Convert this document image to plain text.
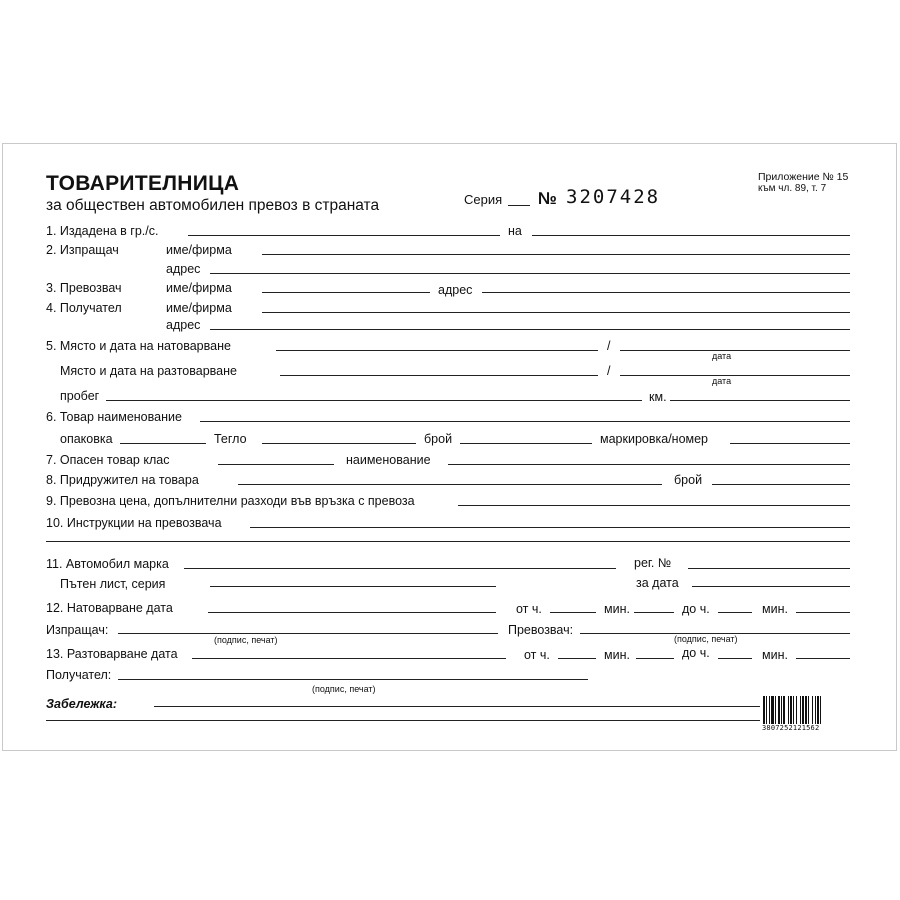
ТОВАРИТЕЛНИЦА
за обществен автомобилен превоз в страната	Серия № 3207428
Приложение № 15
към чл. 89, т. 7
1. Издадена в гр./с.	на
2. Изпращач	име/фирма
адрес
3. Превозвач	име/фирма	адрес
4. Получател	име/фирма
адрес
5. Място и дата на натоварване	/
дата
Място и дата на разтоварване	/
дата
пробег	км.
6. Товар наименование
опаковка	Тегло	брой	маркировка/номер
7. Опасен товар клас	наименование
8. Придружител на товара	брой
9. Превозна цена, допълнителни разходи във връзка с превоза
10. Инструкции на превозвача
11. Автомобил марка	рег. №
Пътен лист, серия	за дата
12. Натоварване дата	от ч.	мин.	до ч.	мин.
Изпращач:
(подпис, печат)
Превозвач:
(подпис, печат)
13. Разтоварване дата	от ч.	мин.	до ч.	мин.
Получател:
(подпис, печат)
Забележка:
3807252121562
